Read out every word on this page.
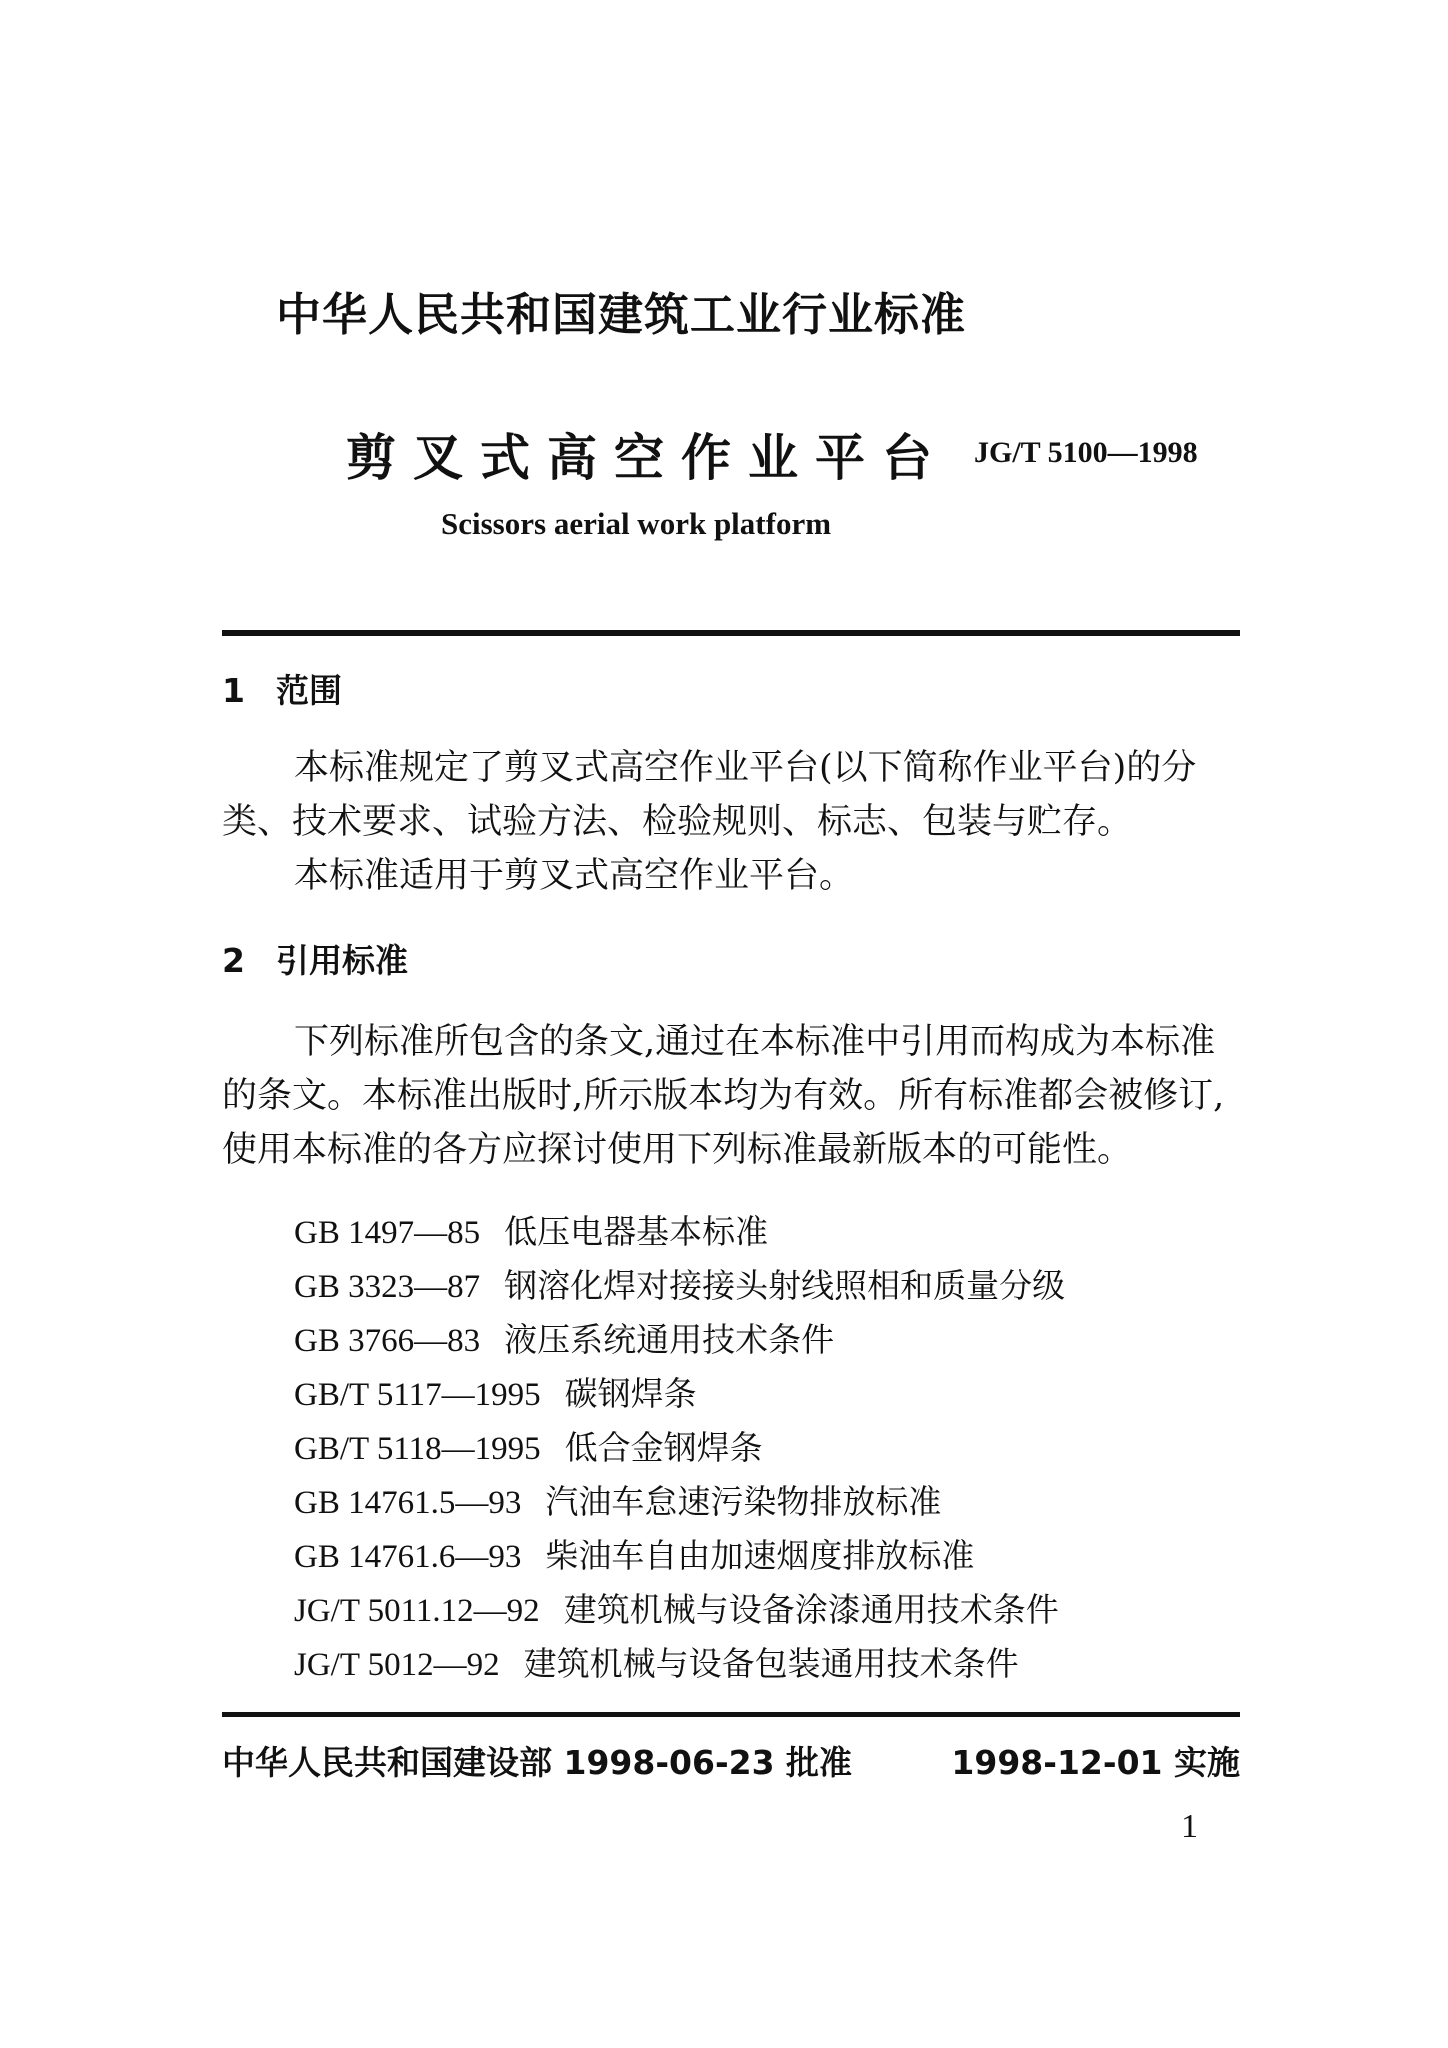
中华人民共和国建筑工业行业标准
剪叉式高空作业平台 JG/T 5100—1998
Scissors aerial work platform
1 范围
本标准规定了剪叉式高空作业平台(以下简称作业平台)的分类、技术要求、试验方法、检验规则、标志、包装与贮存。
本标准适用于剪叉式高空作业平台。
2 引用标准
下列标准所包含的条文,通过在本标准中引用而构成为本标准的条文。本标准出版时,所示版本均为有效。所有标准都会被修订,使用本标准的各方应探讨使用下列标准最新版本的可能性。
GB 1497—85 低压电器基本标准
GB 3323—87 钢溶化焊对接接头射线照相和质量分级
GB 3766—83 液压系统通用技术条件
GB/T 5117—1995 碳钢焊条
GB/T 5118—1995 低合金钢焊条
GB 14761.5—93 汽油车怠速污染物排放标准
GB 14761.6—93 柴油车自由加速烟度排放标准
JG/T 5011.12—92 建筑机械与设备涂漆通用技术条件
JG/T 5012—92 建筑机械与设备包装通用技术条件
中华人民共和国建设部 1998-06-23 批准	1998-12-01 实施
1
